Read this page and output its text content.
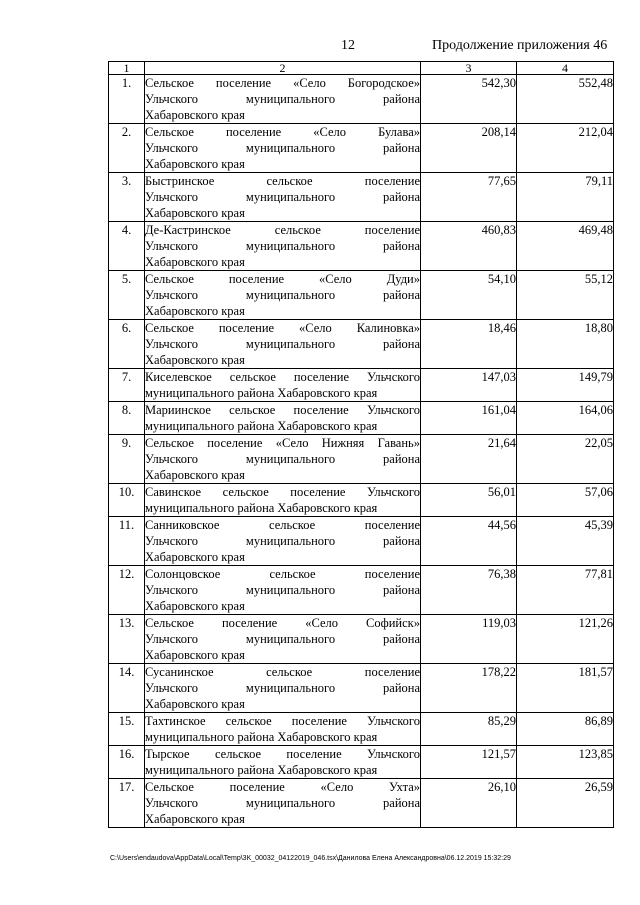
12	Продолжение приложения 46
1	2	3	4
1.	Сельское поселение «Село Богородское»
Ульчского муниципального района
Хабаровского края	542,30	552,48
2.	Сельское поселение «Село Булава»
Ульчского муниципального района
Хабаровского края	208,14	212,04
3.	Быстринское сельское поселение
Ульчского муниципального района
Хабаровского края	77,65	79,11
4.	Де-Кастринское сельское поселение
Ульчского муниципального района
Хабаровского края	460,83	469,48
5.	Сельское поселение «Село Дуди»
Ульчского муниципального района
Хабаровского края	54,10	55,12
6.	Сельское поселение «Село Калиновка»
Ульчского муниципального района
Хабаровского края	18,46	18,80
7.	Киселевское сельское поселение Ульчского
муниципального района Хабаровского края	147,03	149,79
8.	Мариинское сельское поселение Ульчского
муниципального района Хабаровского края	161,04	164,06
9.	Сельское поселение «Село Нижняя Гавань»
Ульчского муниципального района
Хабаровского края	21,64	22,05
10.	Савинское сельское поселение Ульчского
муниципального района Хабаровского края	56,01	57,06
11.	Санниковское сельское поселение
Ульчского муниципального района
Хабаровского края	44,56	45,39
12.	Солонцовское сельское поселение
Ульчского муниципального района
Хабаровского края	76,38	77,81
13.	Сельское поселение «Село Софийск»
Ульчского муниципального района
Хабаровского края	119,03	121,26
14.	Сусанинское сельское поселение
Ульчского муниципального района
Хабаровского края	178,22	181,57
15.	Тахтинское сельское поселение Ульчского
муниципального района Хабаровского края	85,29	86,89
16.	Тырское сельское поселение Ульчского
муниципального района Хабаровского края	121,57	123,85
17.	Сельское поселение «Село Ухта»
Ульчского муниципального района
Хабаровского края	26,10	26,59
C:\Users\endaudova\AppData\Local\Temp\3K_00032_04122019_046.tsx\Данилова Елена Александровна\06.12.2019 15:32:29
